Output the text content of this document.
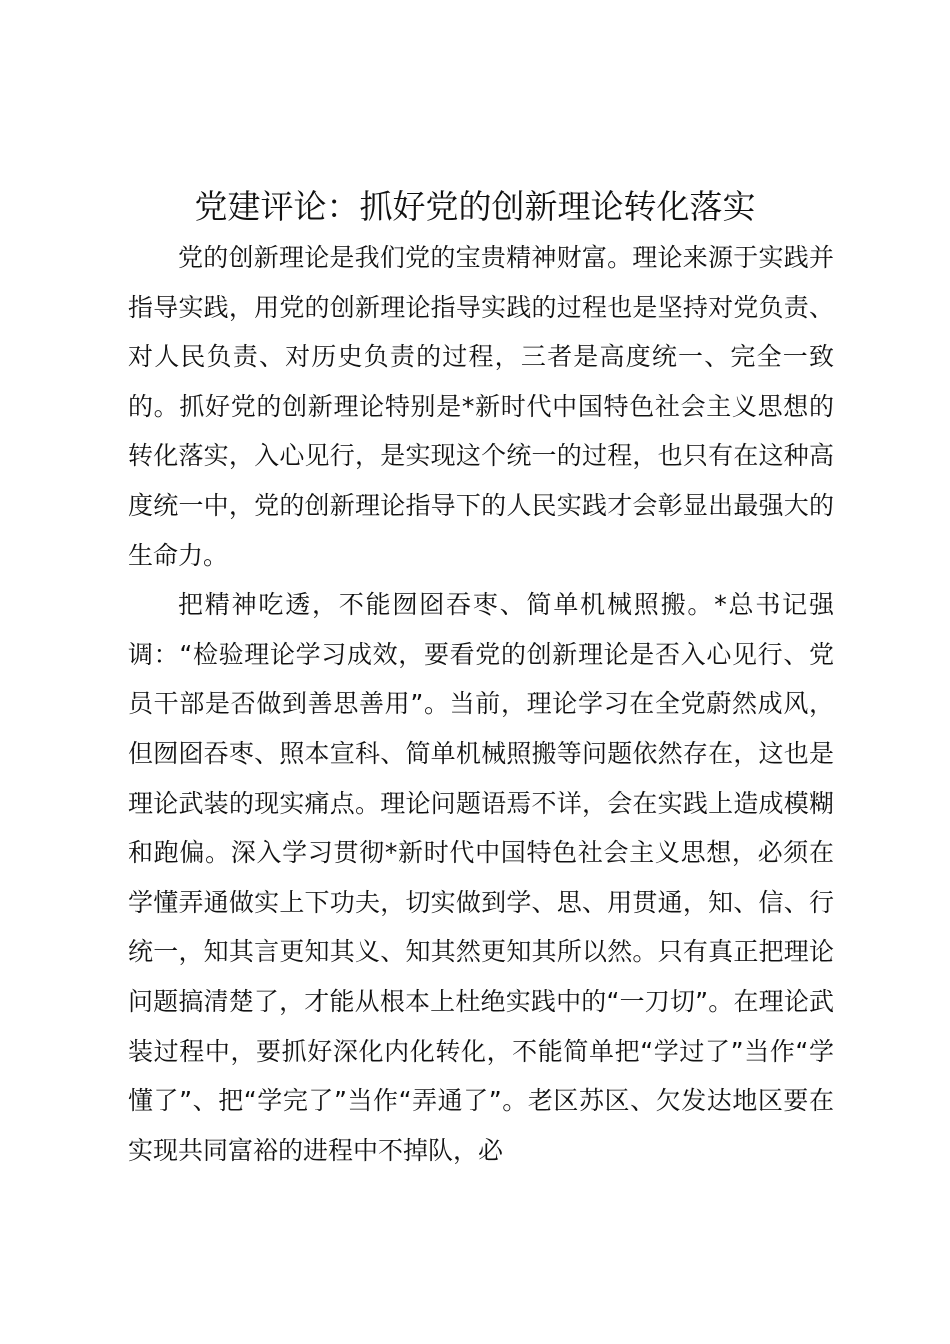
党建评论：抓好党的创新理论转化落实

党的创新理论是我们党的宝贵精神财富。理论来源于实践并指导实践，用党的创新理论指导实践的过程也是坚持对党负责、对人民负责、对历史负责的过程，三者是高度统一、完全一致的。抓好党的创新理论特别是*新时代中国特色社会主义思想的转化落实，入心见行，是实现这个统一的过程，也只有在这种高度统一中，党的创新理论指导下的人民实践才会彰显出最强大的生命力。

把精神吃透，不能囫囵吞枣、简单机械照搬。*总书记强调：“检验理论学习成效，要看党的创新理论是否入心见行、党员干部是否做到善思善用”。当前，理论学习在全党蔚然成风，但囫囵吞枣、照本宣科、简单机械照搬等问题依然存在，这也是理论武装的现实痛点。理论问题语焉不详，会在实践上造成模糊和跑偏。深入学习贯彻*新时代中国特色社会主义思想，必须在学懂弄通做实上下功夫，切实做到学、思、用贯通，知、信、行统一，知其言更知其义、知其然更知其所以然。只有真正把理论问题搞清楚了，才能从根本上杜绝实践中的“一刀切”。在理论武装过程中，要抓好深化内化转化，不能简单把“学过了”当作“学懂了”、把“学完了”当作“弄通了”。老区苏区、欠发达地区要在实现共同富裕的进程中不掉队，必
